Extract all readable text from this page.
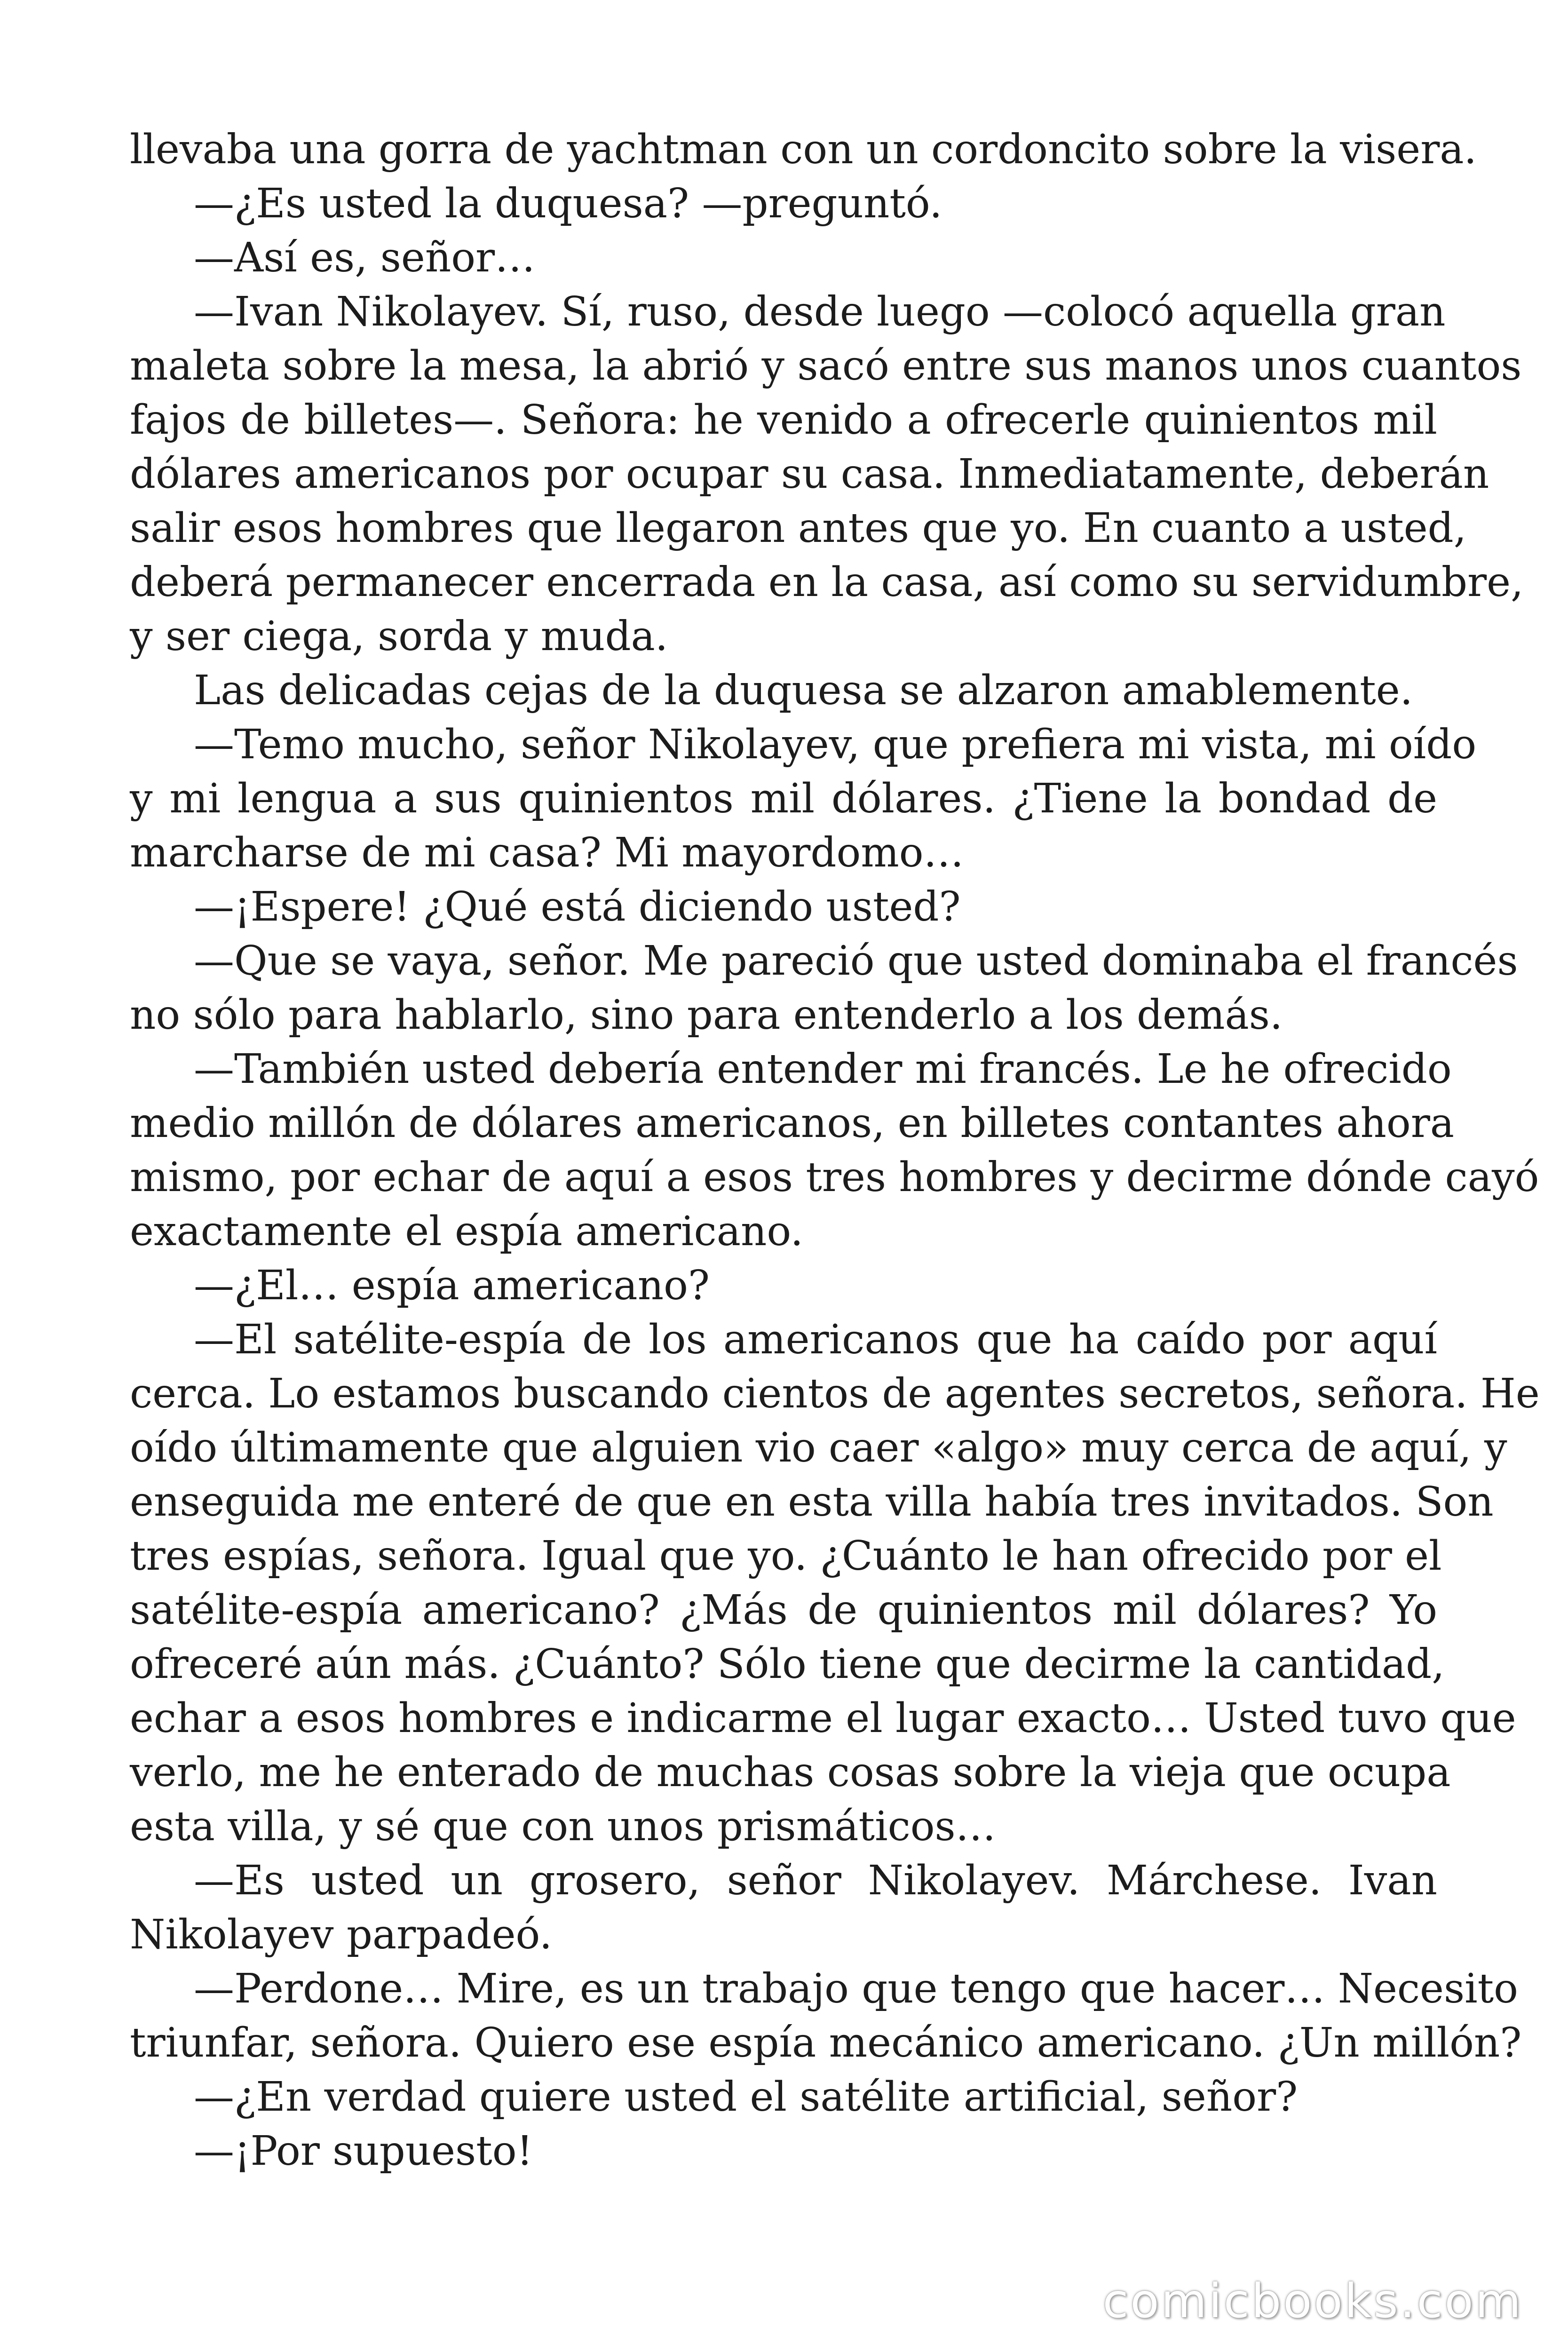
llevaba una gorra de yachtman con un cordoncito sobre la visera.
—¿Es usted la duquesa? —preguntó.
—Así es, señor…
—Ivan Nikolayev. Sí, ruso, desde luego —colocó aquella gran
maleta sobre la mesa, la abrió y sacó entre sus manos unos cuantos
fajos de billetes—. Señora: he venido a ofrecerle quinientos mil
dólares americanos por ocupar su casa. Inmediatamente, deberán
salir esos hombres que llegaron antes que yo. En cuanto a usted,
deberá permanecer encerrada en la casa, así como su servidumbre,
y ser ciega, sorda y muda.
Las delicadas cejas de la duquesa se alzaron amablemente.
—Temo mucho, señor Nikolayev, que prefiera mi vista, mi oído
y mi lengua a sus quinientos mil dólares. ¿Tiene la bondad de
marcharse de mi casa? Mi mayordomo…
—¡Espere! ¿Qué está diciendo usted?
—Que se vaya, señor. Me pareció que usted dominaba el francés
no sólo para hablarlo, sino para entenderlo a los demás.
—También usted debería entender mi francés. Le he ofrecido
medio millón de dólares americanos, en billetes contantes ahora
mismo, por echar de aquí a esos tres hombres y decirme dónde cayó
exactamente el espía americano.
—¿El… espía americano?
—El satélite-espía de los americanos que ha caído por aquí
cerca. Lo estamos buscando cientos de agentes secretos, señora. He
oído últimamente que alguien vio caer «algo» muy cerca de aquí, y
enseguida me enteré de que en esta villa había tres invitados. Son
tres espías, señora. Igual que yo. ¿Cuánto le han ofrecido por el
satélite-espía americano? ¿Más de quinientos mil dólares? Yo
ofreceré aún más. ¿Cuánto? Sólo tiene que decirme la cantidad,
echar a esos hombres e indicarme el lugar exacto… Usted tuvo que
verlo, me he enterado de muchas cosas sobre la vieja que ocupa
esta villa, y sé que con unos prismáticos…
—Es usted un grosero, señor Nikolayev. Márchese. Ivan
Nikolayev parpadeó.
—Perdone… Mire, es un trabajo que tengo que hacer… Necesito
triunfar, señora. Quiero ese espía mecánico americano. ¿Un millón?
—¿En verdad quiere usted el satélite artificial, señor?
—¡Por supuesto!
comicbooks.com
